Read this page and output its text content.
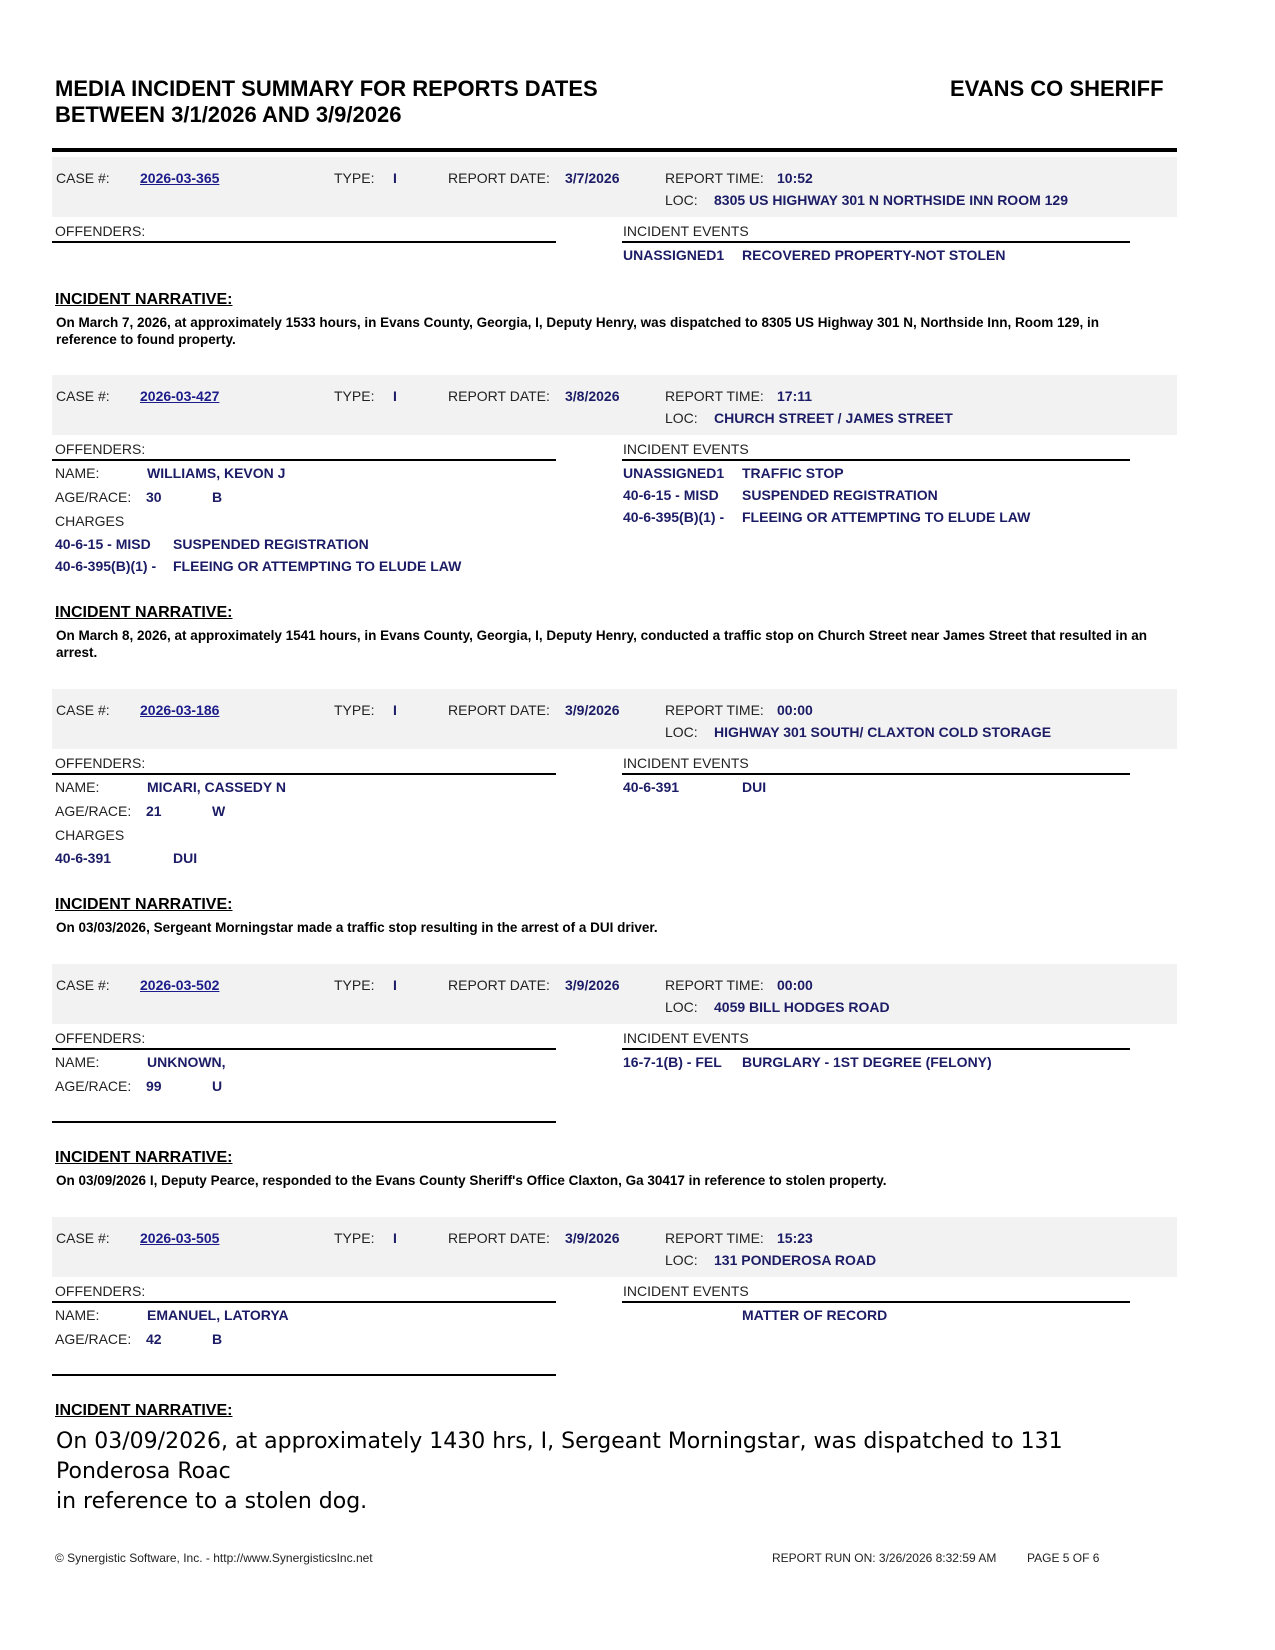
MEDIA INCIDENT SUMMARY FOR REPORTS DATES
BETWEEN 3/1/2026 AND 3/9/2026
EVANS CO SHERIFF
CASE #: 2026-03-365	TYPE: I	REPORT DATE: 3/7/2026	REPORT TIME: 10:52
LOC: 8305 US HIGHWAY 301 N NORTHSIDE INN ROOM 129
OFFENDERS:	INCIDENT EVENTS
UNASSIGNED1 RECOVERED PROPERTY-NOT STOLEN
INCIDENT NARRATIVE:
On March 7, 2026, at approximately 1533 hours, in Evans County, Georgia, I, Deputy Henry, was dispatched to 8305 US Highway 301 N, Northside Inn, Room 129, in reference to found property.
CASE #: 2026-03-427	TYPE: I	REPORT DATE: 3/8/2026	REPORT TIME: 17:11
LOC: CHURCH STREET / JAMES STREET
OFFENDERS:
NAME:	WILLIAMS, KEVON J
AGE/RACE: 30	B
CHARGES
40-6-15 - MISD SUSPENDED REGISTRATION
40-6-395(B)(1) - FLEEING OR ATTEMPTING TO ELUDE LAW
INCIDENT EVENTS
UNASSIGNED1 TRAFFIC STOP
40-6-15 - MISD SUSPENDED REGISTRATION
40-6-395(B)(1) - FLEEING OR ATTEMPTING TO ELUDE LAW
INCIDENT NARRATIVE:
On March 8, 2026, at approximately 1541 hours, in Evans County, Georgia, I, Deputy Henry, conducted a traffic stop on Church Street near James Street that resulted in an arrest.
CASE #: 2026-03-186	TYPE: I	REPORT DATE: 3/9/2026	REPORT TIME: 00:00
LOC: HIGHWAY 301 SOUTH/ CLAXTON COLD STORAGE
OFFENDERS:
NAME:	MICARI, CASSEDY N
AGE/RACE: 21	W
CHARGES
40-6-391	DUI
INCIDENT EVENTS
40-6-391	DUI
INCIDENT NARRATIVE:
On 03/03/2026, Sergeant Morningstar made a traffic stop resulting in the arrest of a DUI driver.
CASE #: 2026-03-502	TYPE: I	REPORT DATE: 3/9/2026	REPORT TIME: 00:00
LOC: 4059 BILL HODGES ROAD
OFFENDERS:
NAME:	UNKNOWN,
AGE/RACE: 99	U
INCIDENT EVENTS
16-7-1(B) - FEL BURGLARY - 1ST DEGREE (FELONY)
INCIDENT NARRATIVE:
On 03/09/2026 I, Deputy Pearce, responded to the Evans County Sheriff's Office Claxton, Ga 30417 in reference to stolen property.
CASE #: 2026-03-505	TYPE: I	REPORT DATE: 3/9/2026	REPORT TIME: 15:23
LOC: 131 PONDEROSA ROAD
OFFENDERS:
NAME:	EMANUEL, LATORYA
AGE/RACE: 42	B
INCIDENT EVENTS
MATTER OF RECORD
INCIDENT NARRATIVE:
On 03/09/2026, at approximately 1430 hrs, I, Sergeant Morningstar, was dispatched to 131 Ponderosa Roac
in reference to a stolen dog.
© Synergistic Software, Inc. - http://www.SynergisticsInc.net	REPORT RUN ON: 3/26/2026 8:32:59 AM	PAGE 5 OF 6
